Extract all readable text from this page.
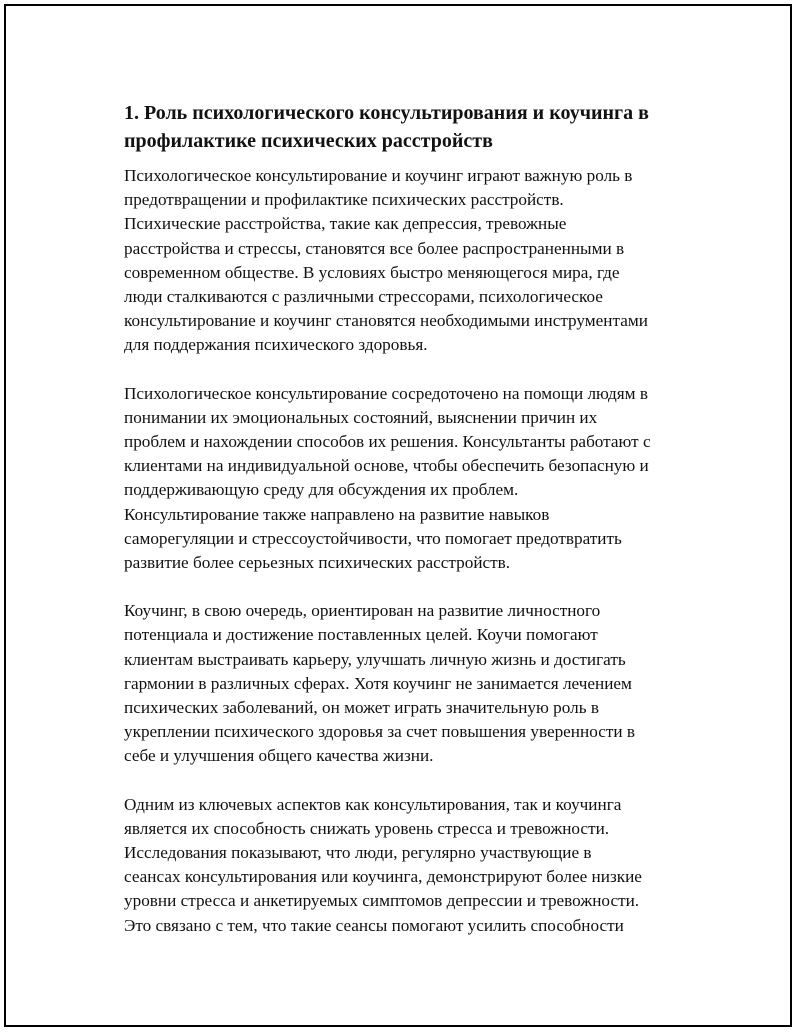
1. Роль психологического консультирования и коучинга в
профилактике психических расстройств

Психологическое консультирование и коучинг играют важную роль в
предотвращении и профилактике психических расстройств.
Психические расстройства, такие как депрессия, тревожные
расстройства и стрессы, становятся все более распространенными в
современном обществе. В условиях быстро меняющегося мира, где
люди сталкиваются с различными стрессорами, психологическое
консультирование и коучинг становятся необходимыми инструментами
для поддержания психического здоровья.

Психологическое консультирование сосредоточено на помощи людям в
понимании их эмоциональных состояний, выяснении причин их
проблем и нахождении способов их решения. Консультанты работают с
клиентами на индивидуальной основе, чтобы обеспечить безопасную и
поддерживающую среду для обсуждения их проблем.
Консультирование также направлено на развитие навыков
саморегуляции и стрессоустойчивости, что помогает предотвратить
развитие более серьезных психических расстройств.

Коучинг, в свою очередь, ориентирован на развитие личностного
потенциала и достижение поставленных целей. Коучи помогают
клиентам выстраивать карьеру, улучшать личную жизнь и достигать
гармонии в различных сферах. Хотя коучинг не занимается лечением
психических заболеваний, он может играть значительную роль в
укреплении психического здоровья за счет повышения уверенности в
себе и улучшения общего качества жизни.

Одним из ключевых аспектов как консультирования, так и коучинга
является их способность снижать уровень стресса и тревожности.
Исследования показывают, что люди, регулярно участвующие в
сеансах консультирования или коучинга, демонстрируют более низкие
уровни стресса и анкетируемых симптомов депрессии и тревожности.
Это связано с тем, что такие сеансы помогают усилить способности
